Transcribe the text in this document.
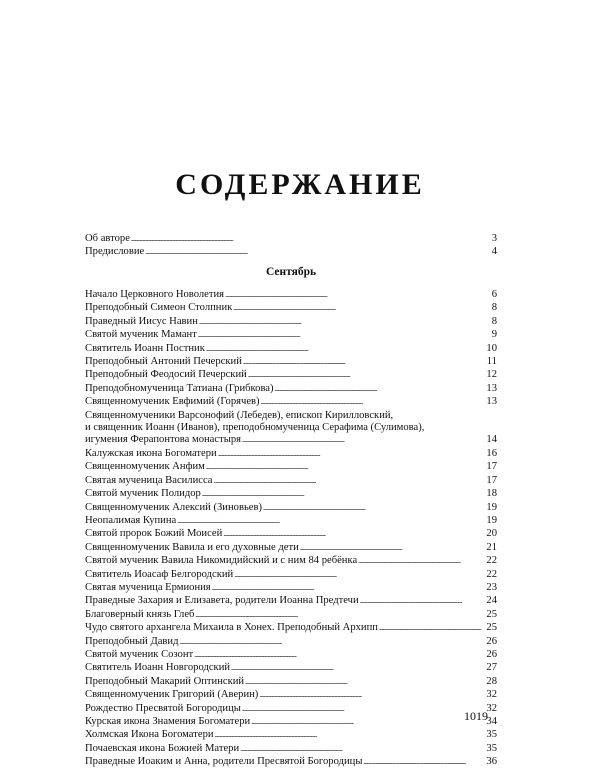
СОДЕРЖАНИЕ
Об авторе . . .	3
Предисловие . . .	4
Сентябрь
Начало Церковного Новолетия . . .	6
Преподобный Симеон Столпник . . .	8
Праведный Иисус Навин . . .	8
Святой мученик Мамант . . .	9
Святитель Иоанн Постник . . .	10
Преподобный Антоний Печерский . . .	11
Преподобный Феодосий Печерский . . .	12
Преподобномученица Татиана (Грибкова) . . .	13
Священномученик Евфимий (Горячев) . . .	13
Священномученики Варсонофий (Лебедев), епископ Кирилловский,
и священник Иоанн (Иванов), преподобномученица Серафима (Сулимова),
игумения Ферапонтова монастыря . . .	14
Калужская икона Богоматери . . .	16
Священномученик Анфим . . .	17
Святая мученица Василисса . . .	17
Святой мученик Полидор . . .	18
Священномученик Алексий (Зиновьев) . . .	19
Неопалимая Купина . . .	19
Святой пророк Божий Моисей . . .	20
Священномученик Вавила и его духовные дети . . .	21
Святой мученик Вавила Никомидийский и с ним 84 ребёнка . . .	22
Святитель Иоасаф Белгородский . . .	22
Святая мученица Ермиония . . .	23
Праведные Захария и Елизавета, родители Иоанна Предтечи . . .	24
Благоверный князь Глеб . . .	25
Чудо святого архангела Михаила в Хонех. Преподобный Архипп . . .	25
Преподобный Давид . . .	26
Святой мученик Созонт . . .	26
Святитель Иоанн Новгородский . . .	27
Преподобный Макарий Оптинский . . .	28
Священномученик Григорий (Аверин) . . .	32
Рождество Пресвятой Богородицы . . .	32
Курская икона Знамения Богоматери . . .	34
Холмская Икона Богоматери . . .	35
Почаевская икона Божией Матери . . .	35
Праведные Иоаким и Анна, родители Пресвятой Богородицы . . .	36
1019
